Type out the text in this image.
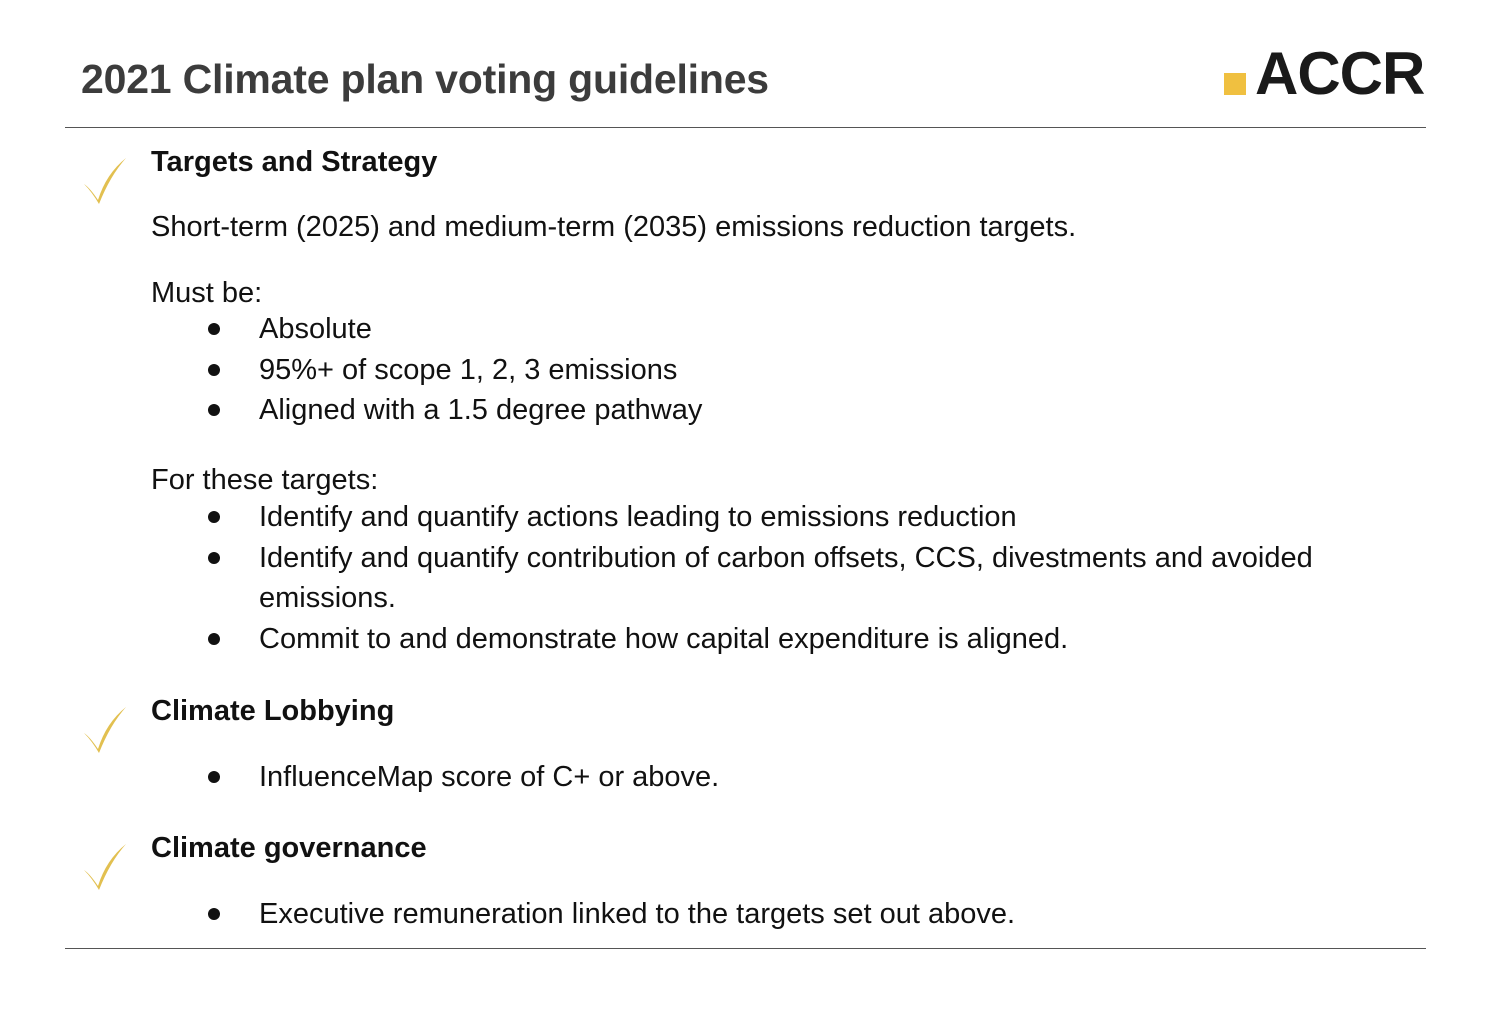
2021 Climate plan voting guidelines	ACCR
Targets and Strategy
Short-term (2025) and medium-term (2035) emissions reduction targets.
Must be:
Absolute
95%+ of scope 1, 2, 3 emissions
Aligned with a 1.5 degree pathway
For these targets:
Identify and quantify actions leading to emissions reduction
Identify and quantify contribution of carbon offsets, CCS, divestments and avoided emissions.
Commit to and demonstrate how capital expenditure is aligned.
Climate Lobbying
InfluenceMap score of C+ or above.
Climate governance
Executive remuneration linked to the targets set out above.
